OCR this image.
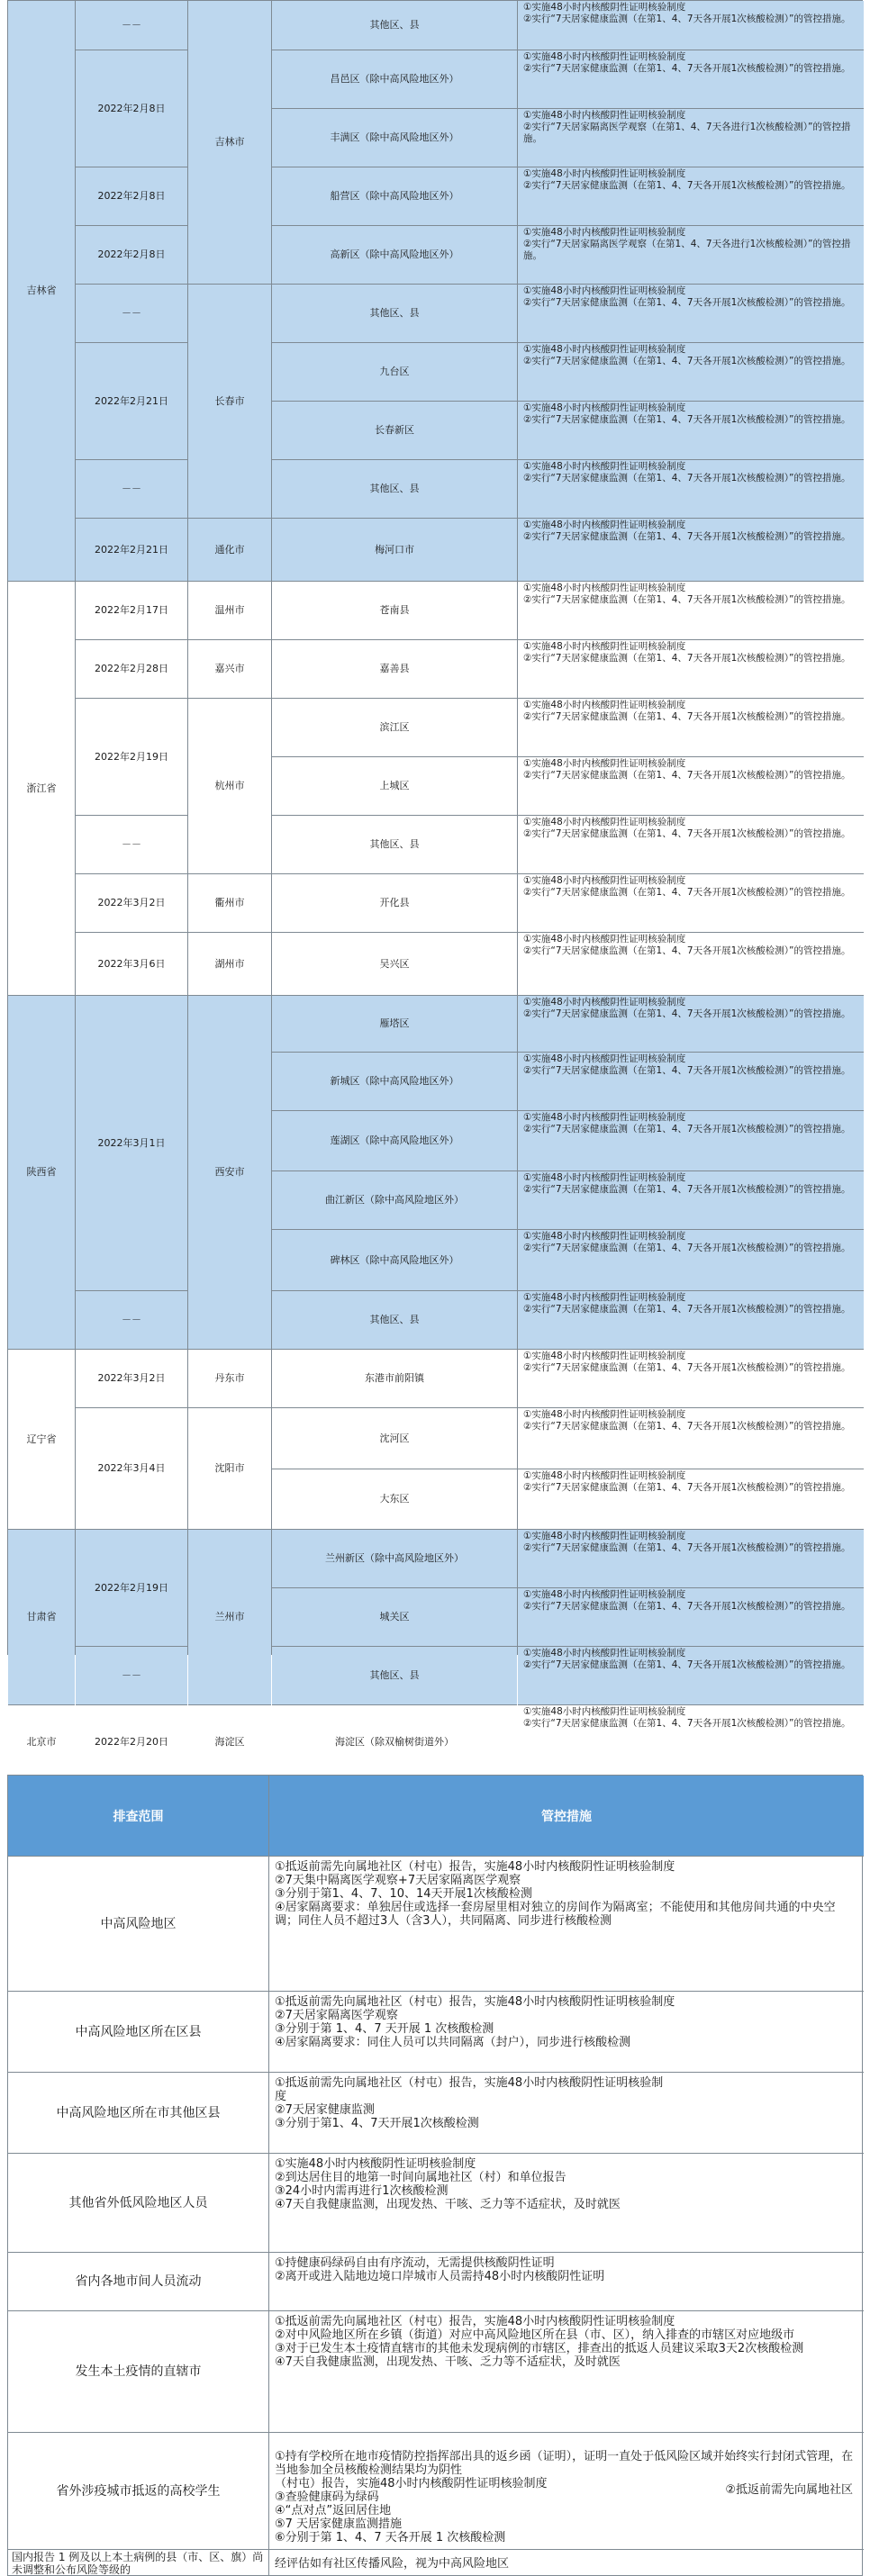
吉林省
浙江省
陕西省
辽宁省
甘肃省
北京市
－－
2022年2月8日
2022年2月8日
2022年2月8日
－－
2022年2月21日
－－
2022年2月21日
2022年2月17日
2022年2月28日
2022年2月19日
－－
2022年3月2日
2022年3月6日
2022年3月1日
－－
2022年3月2日
2022年3月4日
2022年2月19日
－－
2022年2月20日
吉林市
长春市
通化市
温州市
嘉兴市
杭州市
衢州市
湖州市
西安市
丹东市
沈阳市
兰州市
海淀区
其他区、县
昌邑区（除中高风险地区外）
丰满区（除中高风险地区外）
船营区（除中高风险地区外）
高新区（除中高风险地区外）
其他区、县
九台区
长春新区
其他区、县
梅河口市
苍南县
嘉善县
滨江区
上城区
其他区、县
开化县
吴兴区
雁塔区
新城区（除中高风险地区外）
莲湖区（除中高风险地区外）
曲江新区（除中高风险地区外）
碑林区（除中高风险地区外）
其他区、县
东港市前阳镇
沈河区
大东区
兰州新区（除中高风险地区外）
城关区
其他区、县
海淀区（除双榆树街道外）
①实施48小时内核酸阴性证明核验制度
②实行“7天居家健康监测（在第1、4、7天各开展1次核酸检测）”的管控措施。
①实施48小时内核酸阴性证明核验制度
②实行“7天居家健康监测（在第1、4、7天各开展1次核酸检测）”的管控措施。
①实施48小时内核酸阴性证明核验制度
②实行“7天居家隔离医学观察（在第1、4、7天各进行1次核酸检测）”的管控措施。
①实施48小时内核酸阴性证明核验制度
②实行“7天居家健康监测（在第1、4、7天各开展1次核酸检测）”的管控措施。
①实施48小时内核酸阴性证明核验制度
②实行“7天居家隔离医学观察（在第1、4、7天各进行1次核酸检测）”的管控措施。
①实施48小时内核酸阴性证明核验制度
②实行“7天居家健康监测（在第1、4、7天各开展1次核酸检测）”的管控措施。
①实施48小时内核酸阴性证明核验制度
②实行“7天居家健康监测（在第1、4、7天各开展1次核酸检测）”的管控措施。
①实施48小时内核酸阴性证明核验制度
②实行“7天居家健康监测（在第1、4、7天各开展1次核酸检测）”的管控措施。
①实施48小时内核酸阴性证明核验制度
②实行“7天居家健康监测（在第1、4、7天各开展1次核酸检测）”的管控措施。
①实施48小时内核酸阴性证明核验制度
②实行“7天居家健康监测（在第1、4、7天各开展1次核酸检测）”的管控措施。
①实施48小时内核酸阴性证明核验制度
②实行“7天居家健康监测（在第1、4、7天各开展1次核酸检测）”的管控措施。
①实施48小时内核酸阴性证明核验制度
②实行“7天居家健康监测（在第1、4、7天各开展1次核酸检测）”的管控措施。
①实施48小时内核酸阴性证明核验制度
②实行“7天居家健康监测（在第1、4、7天各开展1次核酸检测）”的管控措施。
①实施48小时内核酸阴性证明核验制度
②实行“7天居家健康监测（在第1、4、7天各开展1次核酸检测）”的管控措施。
①实施48小时内核酸阴性证明核验制度
②实行“7天居家健康监测（在第1、4、7天各开展1次核酸检测）”的管控措施。
①实施48小时内核酸阴性证明核验制度
②实行“7天居家健康监测（在第1、4、7天各开展1次核酸检测）”的管控措施。
①实施48小时内核酸阴性证明核验制度
②实行“7天居家健康监测（在第1、4、7天各开展1次核酸检测）”的管控措施。
①实施48小时内核酸阴性证明核验制度
②实行“7天居家健康监测（在第1、4、7天各开展1次核酸检测）”的管控措施。
①实施48小时内核酸阴性证明核验制度
②实行“7天居家健康监测（在第1、4、7天各开展1次核酸检测）”的管控措施。
①实施48小时内核酸阴性证明核验制度
②实行“7天居家健康监测（在第1、4、7天各开展1次核酸检测）”的管控措施。
①实施48小时内核酸阴性证明核验制度
②实行“7天居家健康监测（在第1、4、7天各开展1次核酸检测）”的管控措施。
①实施48小时内核酸阴性证明核验制度
②实行“7天居家健康监测（在第1、4、7天各开展1次核酸检测）”的管控措施。
①实施48小时内核酸阴性证明核验制度
②实行“7天居家健康监测（在第1、4、7天各开展1次核酸检测）”的管控措施。
①实施48小时内核酸阴性证明核验制度
②实行“7天居家健康监测（在第1、4、7天各开展1次核酸检测）”的管控措施。
①实施48小时内核酸阴性证明核验制度
②实行“7天居家健康监测（在第1、4、7天各开展1次核酸检测）”的管控措施。
①实施48小时内核酸阴性证明核验制度
②实行“7天居家健康监测（在第1、4、7天各开展1次核酸检测）”的管控措施。
①实施48小时内核酸阴性证明核验制度
②实行“7天居家健康监测（在第1、4、7天各开展1次核酸检测）”的管控措施。
①实施48小时内核酸阴性证明核验制度
②实行“7天居家健康监测（在第1、4、7天各开展1次核酸检测）”的管控措施。
①实施48小时内核酸阴性证明核验制度
②实行“7天居家健康监测（在第1、4、7天各开展1次核酸检测）”的管控措施。
①实施48小时内核酸阴性证明核验制度
②实行“7天居家健康监测（在第1、4、7天各开展1次核酸检测）”的管控措施。
排查范围	管控措施
中高风险地区
①抵返前需先向属地社区（村屯）报告，实施48小时内核酸阴性证明核验制度
②7天集中隔离医学观察+7天居家隔离医学观察
③分别于第1、4、7、10、14天开展1次核酸检测
④居家隔离要求：单独居住或选择一套房屋里相对独立的房间作为隔离室；不能使用和其他房间共通的中央空调；同住人员不超过3人（含3人），共同隔离、同步进行核酸检测
中高风险地区所在区县
①抵返前需先向属地社区（村屯）报告，实施48小时内核酸阴性证明核验制度
②7天居家隔离医学观察
③分别于第 1、4、7 天开展 1 次核酸检测
④居家隔离要求：同住人员可以共同隔离（封户），同步进行核酸检测
中高风险地区所在市其他区县
①抵返前需先向属地社区（村屯）报告，实施48小时内核酸阴性证明核验制
度
②7天居家健康监测
③分别于第1、4、7天开展1次核酸检测
其他省外低风险地区人员
①实施48小时内核酸阴性证明核验制度
②到达居住目的地第一时间向属地社区（村）和单位报告
③24小时内需再进行1次核酸检测
④7天自我健康监测，出现发热、干咳、乏力等不适症状，及时就医
省内各地市间人员流动
①持健康码绿码自由有序流动，无需提供核酸阴性证明
②离开或进入陆地边境口岸城市人员需持48小时内核酸阴性证明
发生本土疫情的直辖市
①抵返前需先向属地社区（村屯）报告，实施48小时内核酸阴性证明核验制度
②对中风险地区所在乡镇（街道）对应中高风险地区所在县（市、区），纳入排查的市辖区对应地级市
③对于已发生本土疫情直辖市的其他未发现病例的市辖区，排查出的抵返人员建议采取3天2次核酸检测
④7天自我健康监测，出现发热、干咳、乏力等不适症状，及时就医
省外涉疫城市抵返的高校学生

①持有学校所在地市疫情防控指挥部出具的返乡函（证明），证明一直处于低风险区域并始终实行封闭式管理，在当地参加全员核酸检测结果均为阴性
（村屯）报告，实施48小时内核酸阴性证明核验制度
③查验健康码为绿码
④“点对点”返回居住地
⑤7 天居家健康监测措施
⑥分别于第 1、4、7 天各开展 1 次核酸检测

②抵返前需先向属地社区

国内报告 1 例及以上本土病例的县（市、区、旗）尚未调整和公布风险等级的	经评估如有社区传播风险，视为中高风险地区
